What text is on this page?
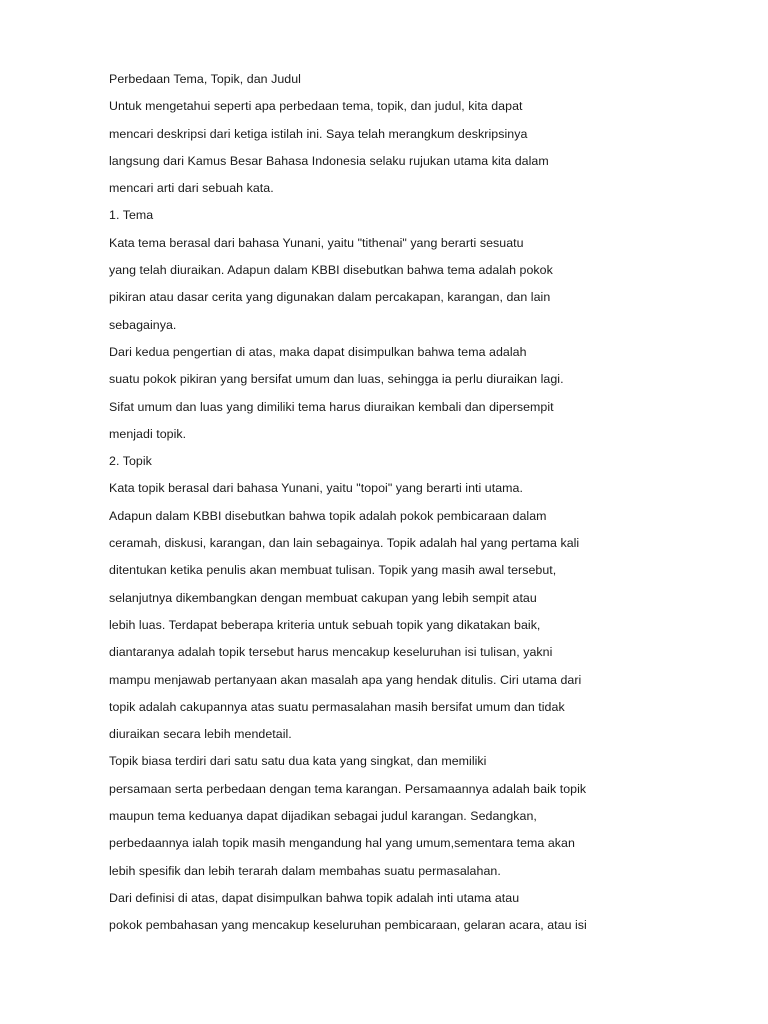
Perbedaan Tema, Topik, dan Judul
Untuk mengetahui seperti apa perbedaan tema, topik, dan judul, kita dapat
mencari deskripsi dari ketiga istilah ini. Saya telah merangkum deskripsinya
langsung dari Kamus Besar Bahasa Indonesia selaku rujukan utama kita dalam
mencari arti dari sebuah kata.
1. Tema
Kata tema berasal dari bahasa Yunani, yaitu "tithenai" yang berarti sesuatu
yang telah diuraikan. Adapun dalam KBBI disebutkan bahwa tema adalah pokok
pikiran atau dasar cerita yang digunakan dalam percakapan, karangan, dan lain
sebagainya.
Dari kedua pengertian di atas, maka dapat disimpulkan bahwa tema adalah
suatu pokok pikiran yang bersifat umum dan luas, sehingga ia perlu diuraikan lagi.
Sifat umum dan luas yang dimiliki tema harus diuraikan kembali dan dipersempit
menjadi topik.
2. Topik
Kata topik berasal dari bahasa Yunani, yaitu "topoi" yang berarti inti utama.
Adapun dalam KBBI disebutkan bahwa topik adalah pokok pembicaraan dalam
ceramah, diskusi, karangan, dan lain sebagainya. Topik adalah hal yang pertama kali
ditentukan ketika penulis akan membuat tulisan. Topik yang masih awal tersebut,
selanjutnya dikembangkan dengan membuat cakupan yang lebih sempit atau
lebih luas. Terdapat beberapa kriteria untuk sebuah topik yang dikatakan baik,
diantaranya adalah topik tersebut harus mencakup keseluruhan isi tulisan, yakni
mampu menjawab pertanyaan akan masalah apa yang hendak ditulis. Ciri utama dari
topik adalah cakupannya atas suatu permasalahan masih bersifat umum dan tidak
diuraikan secara lebih mendetail.
Topik biasa terdiri dari satu satu dua kata yang singkat, dan memiliki
persamaan serta perbedaan dengan tema karangan. Persamaannya adalah baik topik
maupun tema keduanya dapat dijadikan sebagai judul karangan. Sedangkan,
perbedaannya ialah topik masih mengandung hal yang umum,sementara tema akan
lebih spesifik dan lebih terarah dalam membahas suatu permasalahan.
Dari definisi di atas, dapat disimpulkan bahwa topik adalah inti utama atau
pokok pembahasan yang mencakup keseluruhan pembicaraan, gelaran acara, atau isi
